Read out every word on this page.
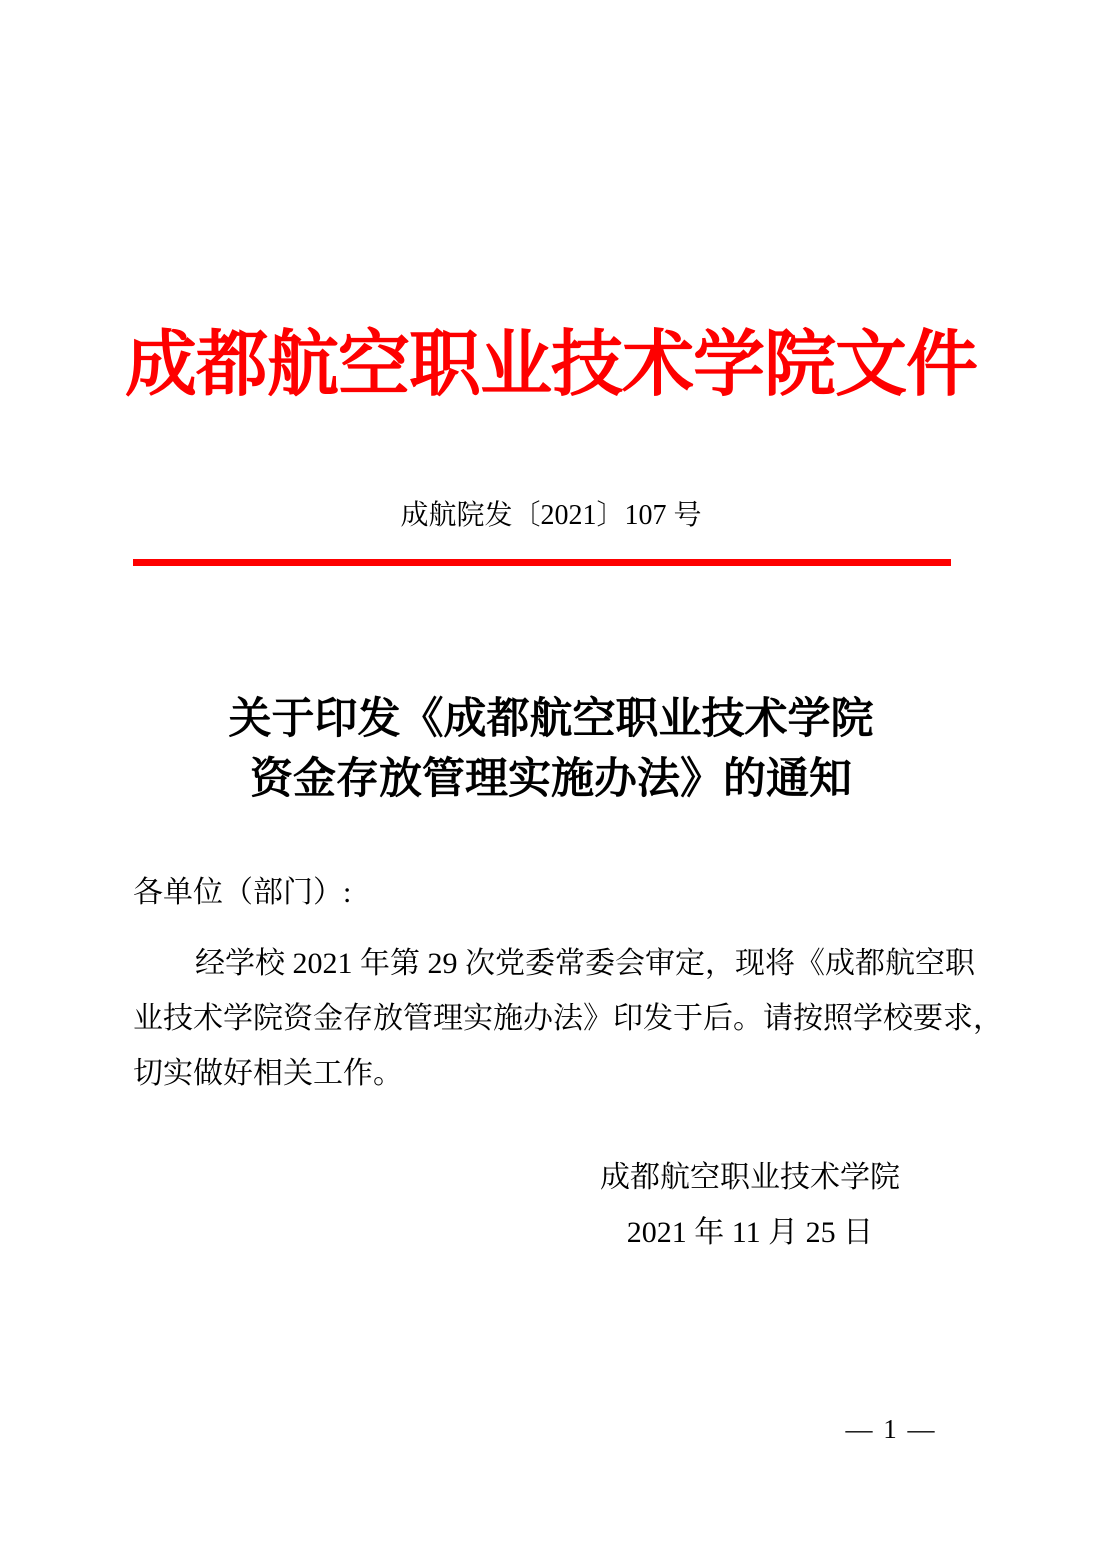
成都航空职业技术学院文件
成航院发〔2021〕107 号
关于印发《成都航空职业技术学院
资金存放管理实施办法》的通知
各单位（部门）:
经学校 2021 年第 29 次党委常委会审定，现将《成都航空职
业技术学院资金存放管理实施办法》印发于后。请按照学校要求，
切实做好相关工作。
成都航空职业技术学院
2021 年 11 月 25 日
— 1 —
